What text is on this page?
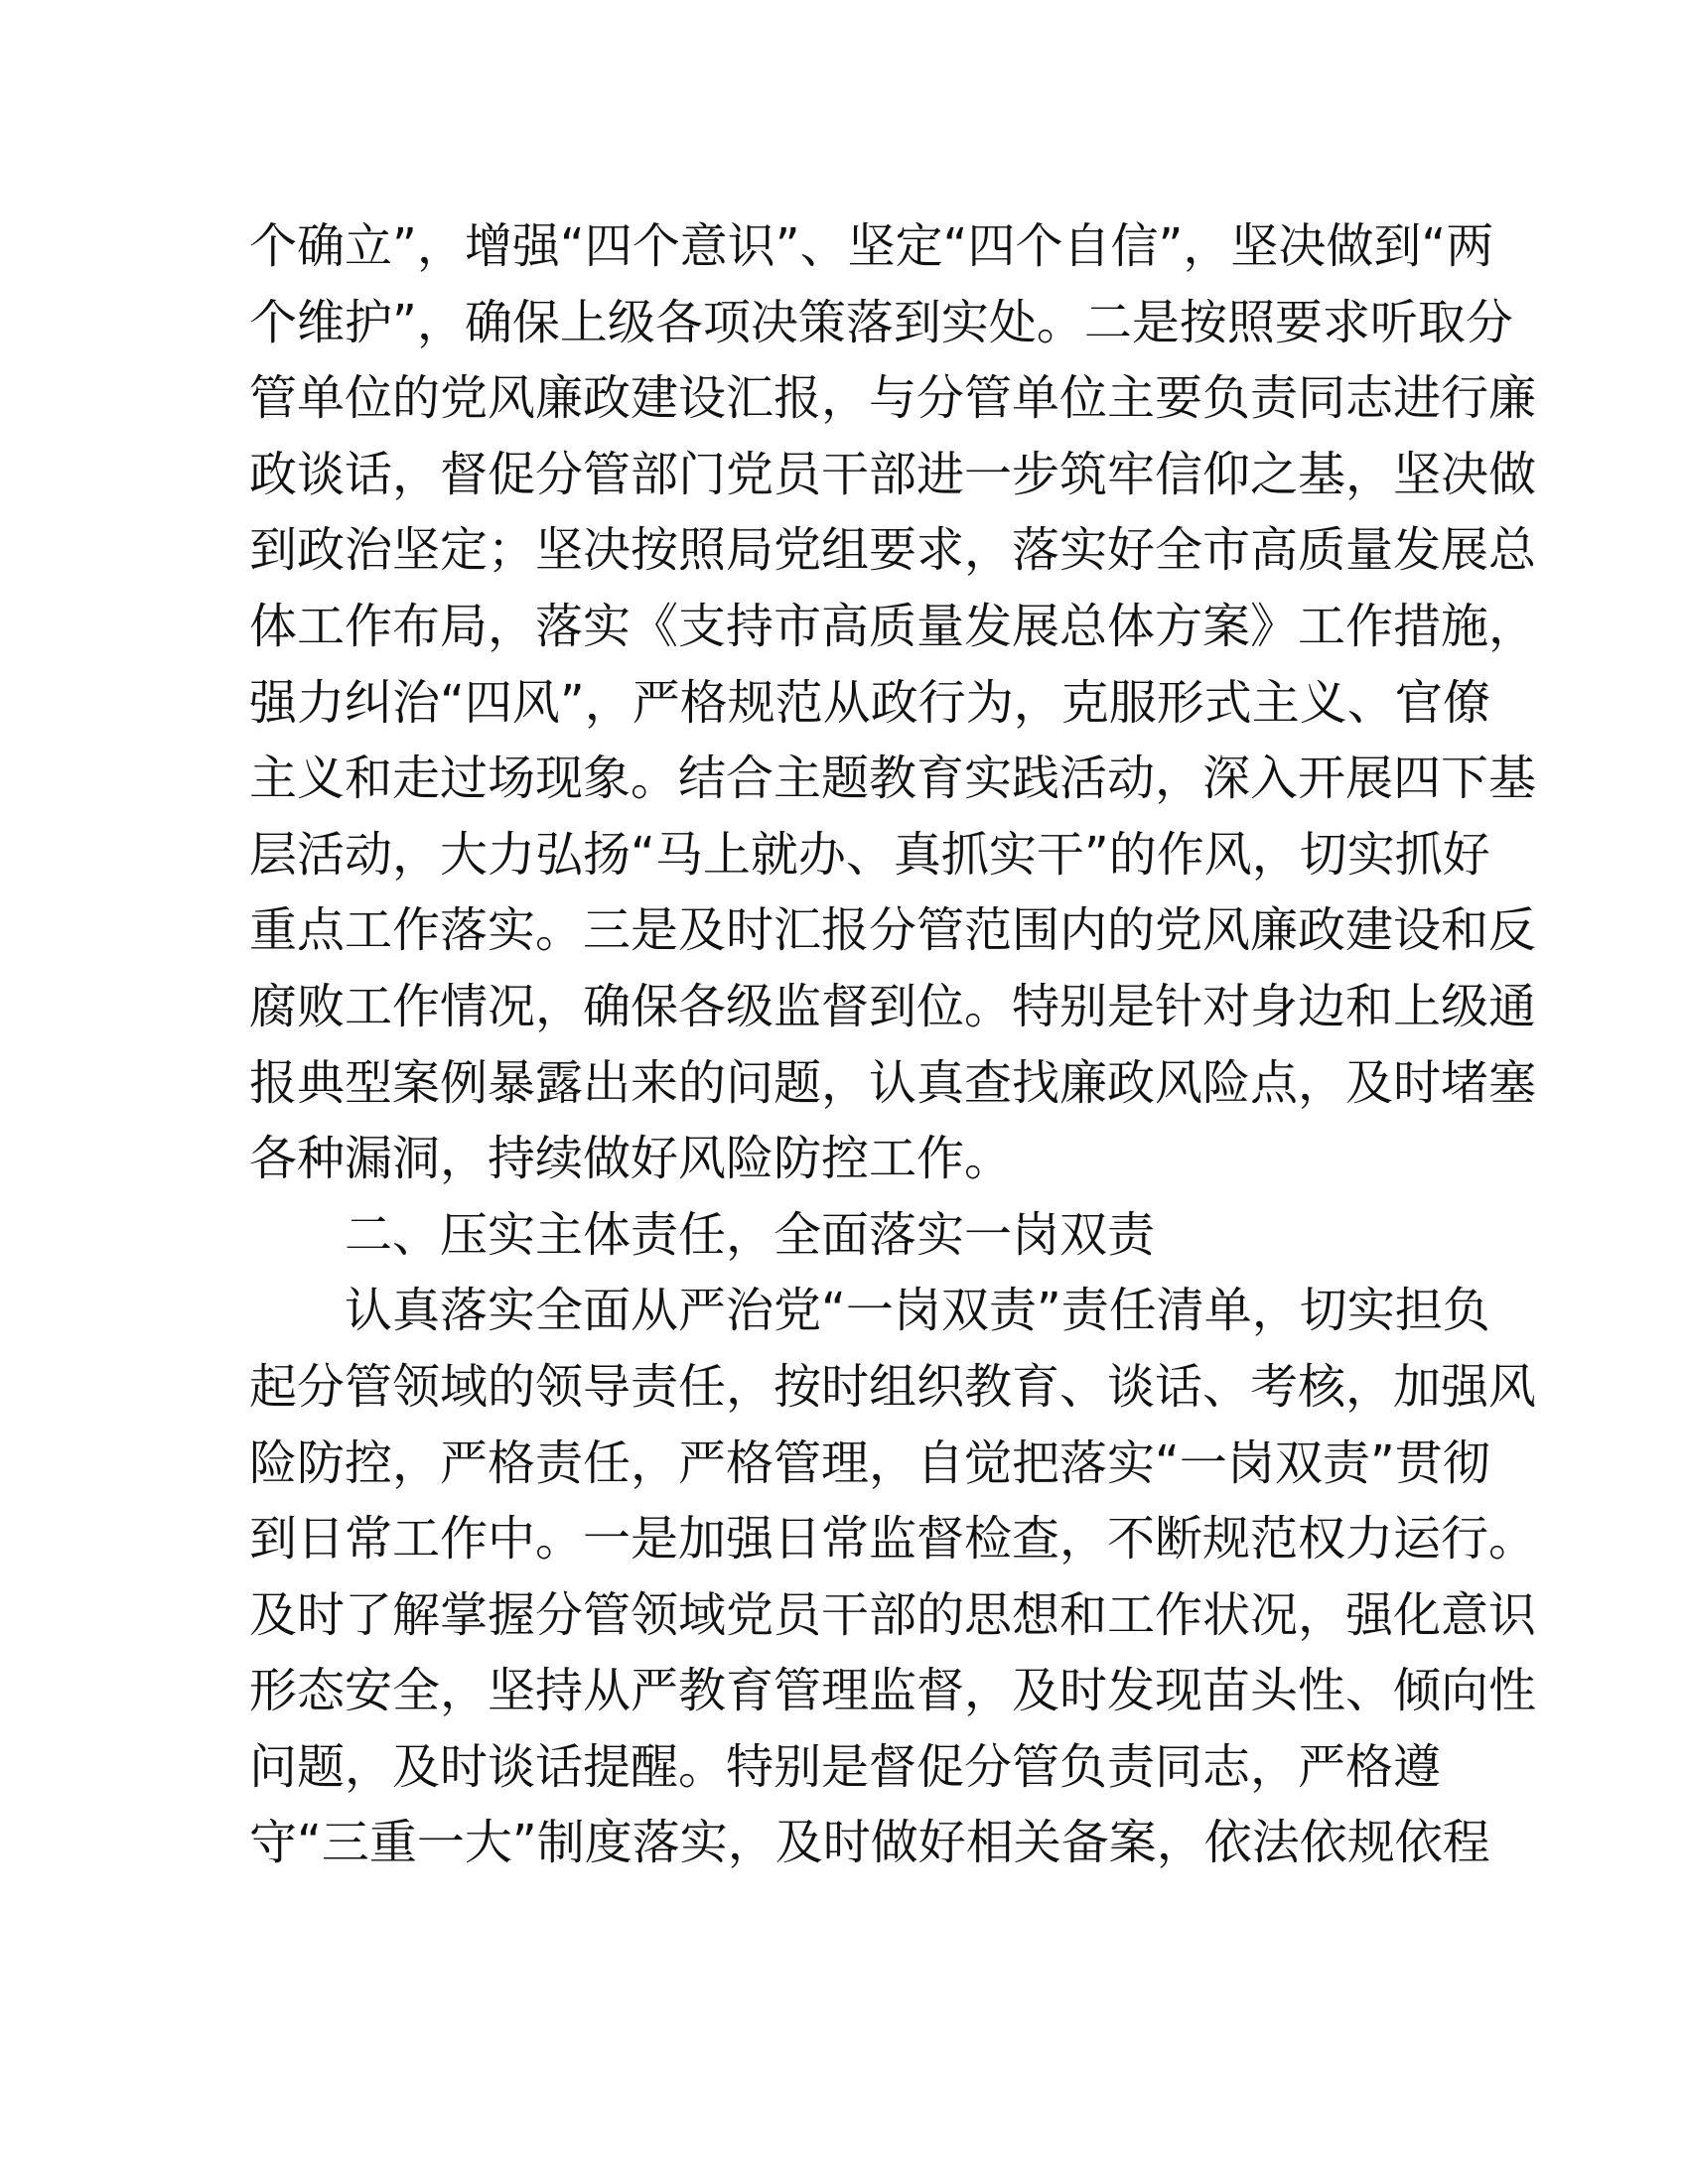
个确立”，增强“四个意识”、坚定“四个自信”，坚决做到“两
个维护”，确保上级各项决策落到实处。二是按照要求听取分
管单位的党风廉政建设汇报，与分管单位主要负责同志进行廉
政谈话，督促分管部门党员干部进一步筑牢信仰之基，坚决做
到政治坚定；坚决按照局党组要求，落实好全市高质量发展总
体工作布局，落实《支持市高质量发展总体方案》工作措施，
强力纠治“四风”，严格规范从政行为，克服形式主义、官僚
主义和走过场现象。结合主题教育实践活动，深入开展四下基
层活动，大力弘扬“马上就办、真抓实干”的作风，切实抓好
重点工作落实。三是及时汇报分管范围内的党风廉政建设和反
腐败工作情况，确保各级监督到位。特别是针对身边和上级通
报典型案例暴露出来的问题，认真查找廉政风险点，及时堵塞
各种漏洞，持续做好风险防控工作。
二、压实主体责任，全面落实一岗双责
认真落实全面从严治党“一岗双责”责任清单，切实担负
起分管领域的领导责任，按时组织教育、谈话、考核，加强风
险防控，严格责任，严格管理，自觉把落实“一岗双责”贯彻
到日常工作中。一是加强日常监督检查，不断规范权力运行。
及时了解掌握分管领域党员干部的思想和工作状况，强化意识
形态安全，坚持从严教育管理监督，及时发现苗头性、倾向性
问题，及时谈话提醒。特别是督促分管负责同志，严格遵
守“三重一大”制度落实，及时做好相关备案，依法依规依程
